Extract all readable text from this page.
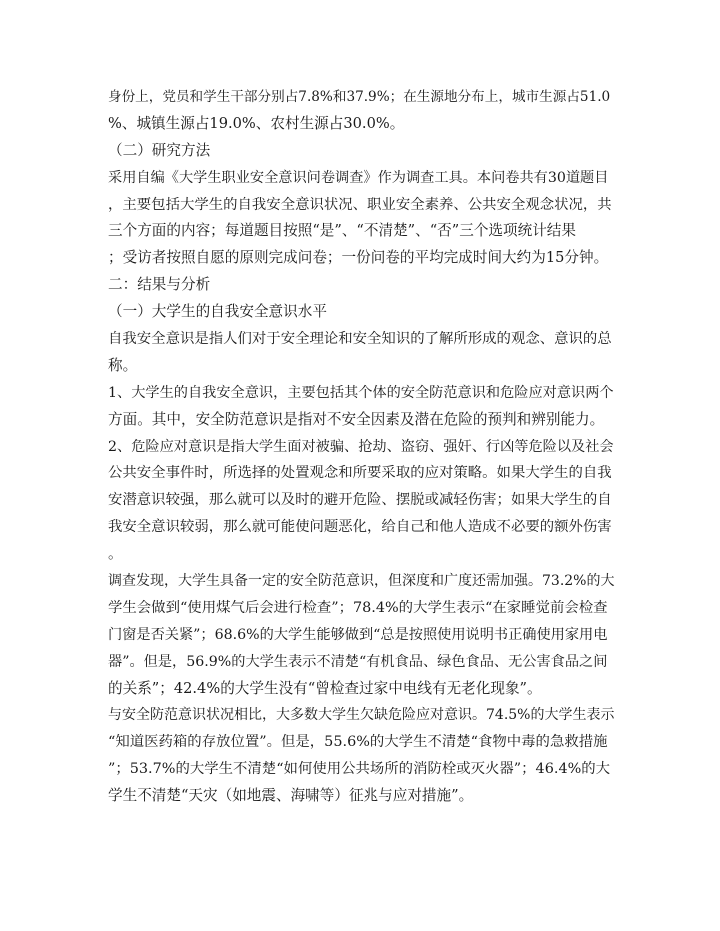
身份上，党员和学生干部分别占7.8%和37.9%；在生源地分布上，城市生源占51.0
%、城镇生源占19.0%、农村生源占30.0%。
（二）研究方法
采用自编《大学生职业安全意识问卷调查》作为调查工具。本问卷共有30道题目
，主要包括大学生的自我安全意识状况、职业安全素养、公共安全观念状况，共
三个方面的内容；每道题目按照“是”、“不清楚”、“否”三个选项统计结果
；受访者按照自愿的原则完成问卷；一份问卷的平均完成时间大约为15分钟。
二：结果与分析
（一）大学生的自我安全意识水平
自我安全意识是指人们对于安全理论和安全知识的了解所形成的观念、意识的总
称。
1、大学生的自我安全意识，主要包括其个体的安全防范意识和危险应对意识两个
方面。其中，安全防范意识是指对不安全因素及潜在危险的预判和辨别能力。
2、危险应对意识是指大学生面对被骗、抢劫、盗窃、强奸、行凶等危险以及社会
公共安全事件时，所选择的处置观念和所要采取的应对策略。如果大学生的自我
安潜意识较强，那么就可以及时的避开危险、摆脱或减轻伤害；如果大学生的自
我安全意识较弱，那么就可能使问题恶化，给自己和他人造成不必要的额外伤害
。
调查发现，大学生具备一定的安全防范意识，但深度和广度还需加强。73.2%的大
学生会做到“使用煤气后会进行检查”；78.4%的大学生表示“在家睡觉前会检查
门窗是否关紧”；68.6%的大学生能够做到“总是按照使用说明书正确使用家用电
器”。但是，56.9%的大学生表示不清楚“有机食品、绿色食品、无公害食品之间
的关系”；42.4%的大学生没有“曾检查过家中电线有无老化现象”。
与安全防范意识状况相比，大多数大学生欠缺危险应对意识。74.5%的大学生表示
“知道医药箱的存放位置”。但是，55.6%的大学生不清楚“食物中毒的急救措施
”；53.7%的大学生不清楚“如何使用公共场所的消防栓或灭火器”；46.4%的大
学生不清楚“天灾（如地震、海啸等）征兆与应对措施”。
